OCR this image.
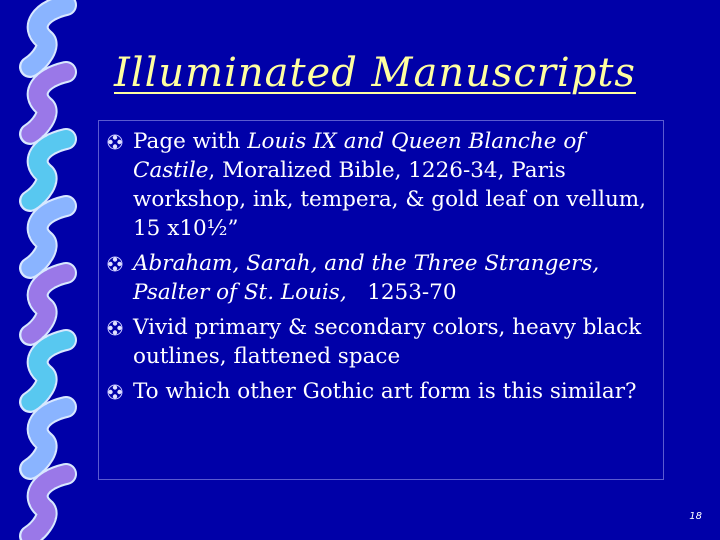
Illuminated Manuscripts
Page with Louis IX and Queen Blanche of Castile, Moralized Bible, 1226-34, Paris workshop, ink, tempera, & gold leaf on vellum, 15 x10½”
Abraham, Sarah, and the Three Strangers, Psalter of St. Louis,   1253-70
Vivid primary & secondary colors, heavy black outlines, flattened space
To which other Gothic art form is this similar?
18
